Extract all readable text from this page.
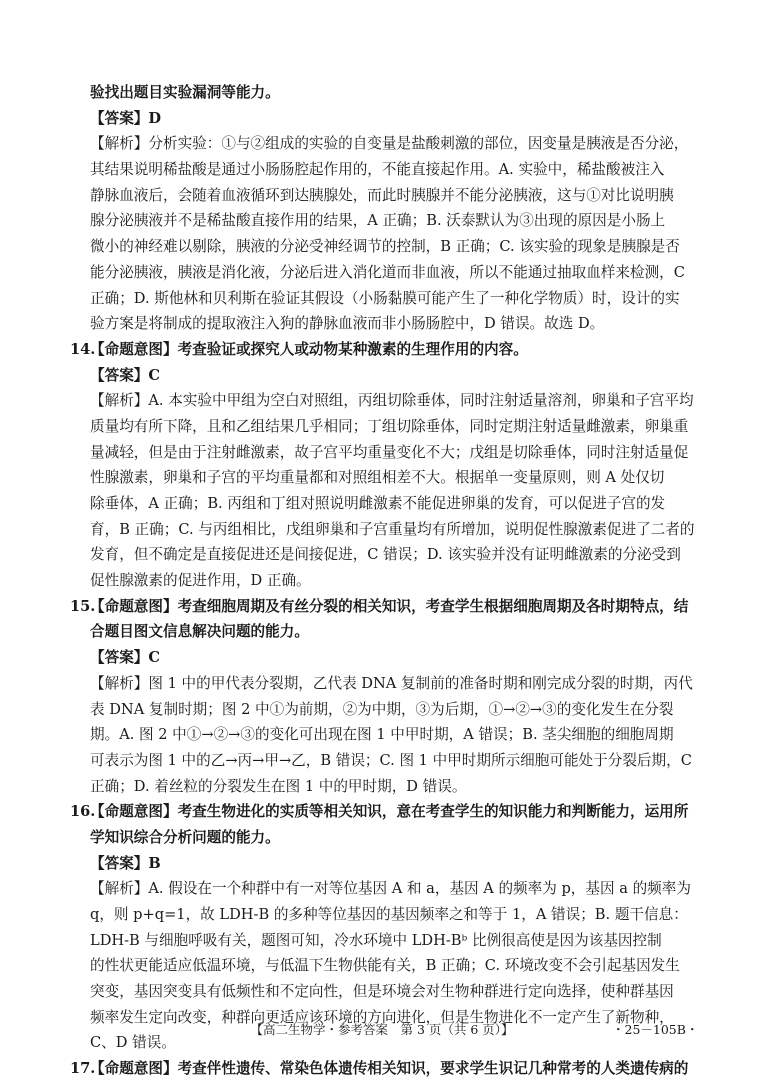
验找出题目实验漏洞等能力。
【答案】D
【解析】分析实验：①与②组成的实验的自变量是盐酸刺激的部位，因变量是胰液是否分泌，
其结果说明稀盐酸是通过小肠肠腔起作用的，不能直接起作用。A. 实验中，稀盐酸被注入
静脉血液后，会随着血液循环到达胰腺处，而此时胰腺并不能分泌胰液，这与①对比说明胰
腺分泌胰液并不是稀盐酸直接作用的结果，A 正确；B. 沃泰默认为③出现的原因是小肠上
微小的神经难以剔除，胰液的分泌受神经调节的控制，B 正确；C. 该实验的现象是胰腺是否
能分泌胰液，胰液是消化液，分泌后进入消化道而非血液，所以不能通过抽取血样来检测，C
正确；D. 斯他林和贝利斯在验证其假设（小肠黏膜可能产生了一种化学物质）时，设计的实
验方案是将制成的提取液注入狗的静脉血液而非小肠肠腔中，D 错误。故选 D。
14.
【命题意图】考查验证或探究人或动物某种激素的生理作用的内容。
【答案】C
【解析】A. 本实验中甲组为空白对照组，丙组切除垂体，同时注射适量溶剂，卵巢和子宫平均
质量均有所下降，且和乙组结果几乎相同；丁组切除垂体，同时定期注射适量雌激素，卵巢重
量减轻，但是由于注射雌激素，故子宫平均重量变化不大；戊组是切除垂体，同时注射适量促
性腺激素，卵巢和子宫的平均重量都和对照组相差不大。根据单一变量原则，则 A 处仅切
除垂体，A 正确；B. 丙组和丁组对照说明雌激素不能促进卵巢的发育，可以促进子宫的发
育，B 正确；C. 与丙组相比，戊组卵巢和子宫重量均有所增加，说明促性腺激素促进了二者的
发育，但不确定是直接促进还是间接促进，C 错误；D. 该实验并没有证明雌激素的分泌受到
促性腺激素的促进作用，D 正确。
15.
【命题意图】考查细胞周期及有丝分裂的相关知识，考查学生根据细胞周期及各时期特点，结
合题目图文信息解决问题的能力。
【答案】C
【解析】图 1 中的甲代表分裂期，乙代表 DNA 复制前的准备时期和刚完成分裂的时期，丙代
表 DNA 复制时期；图 2 中①为前期，②为中期，③为后期，①→②→③的变化发生在分裂
期。A. 图 2 中①→②→③的变化可出现在图 1 中甲时期，A 错误；B. 茎尖细胞的细胞周期
可表示为图 1 中的乙→丙→甲→乙，B 错误；C. 图 1 中甲时期所示细胞可能处于分裂后期，C
正确；D. 着丝粒的分裂发生在图 1 中的甲时期，D 错误。
16.
【命题意图】考查生物进化的实质等相关知识，意在考查学生的知识能力和判断能力，运用所
学知识综合分析问题的能力。
【答案】B
【解析】A. 假设在一个种群中有一对等位基因 A 和 a，基因 A 的频率为 p，基因 a 的频率为
q，则 p+q=1，故 LDH-B 的多种等位基因的基因频率之和等于 1，A 错误；B. 题干信息：
LDH-B 与细胞呼吸有关，题图可知，冷水环境中 LDH-Bᵇ 比例很高使是因为该基因控制
的性状更能适应低温环境，与低温下生物供能有关，B 正确；C. 环境改变不会引起基因发生
突变，基因突变具有低频性和不定向性，但是环境会对生物种群进行定向选择，使种群基因
频率发生定向改变，种群向更适应该环境的方向进化，但是生物进化不一定产生了新物种，
C、D 错误。
17.
【命题意图】考查伴性遗传、常染色体遗传相关知识，要求学生识记几种常考的人类遗传病的
【高二生物学・参考答案　第 3 页（共 6 页）】	・25－105B・
